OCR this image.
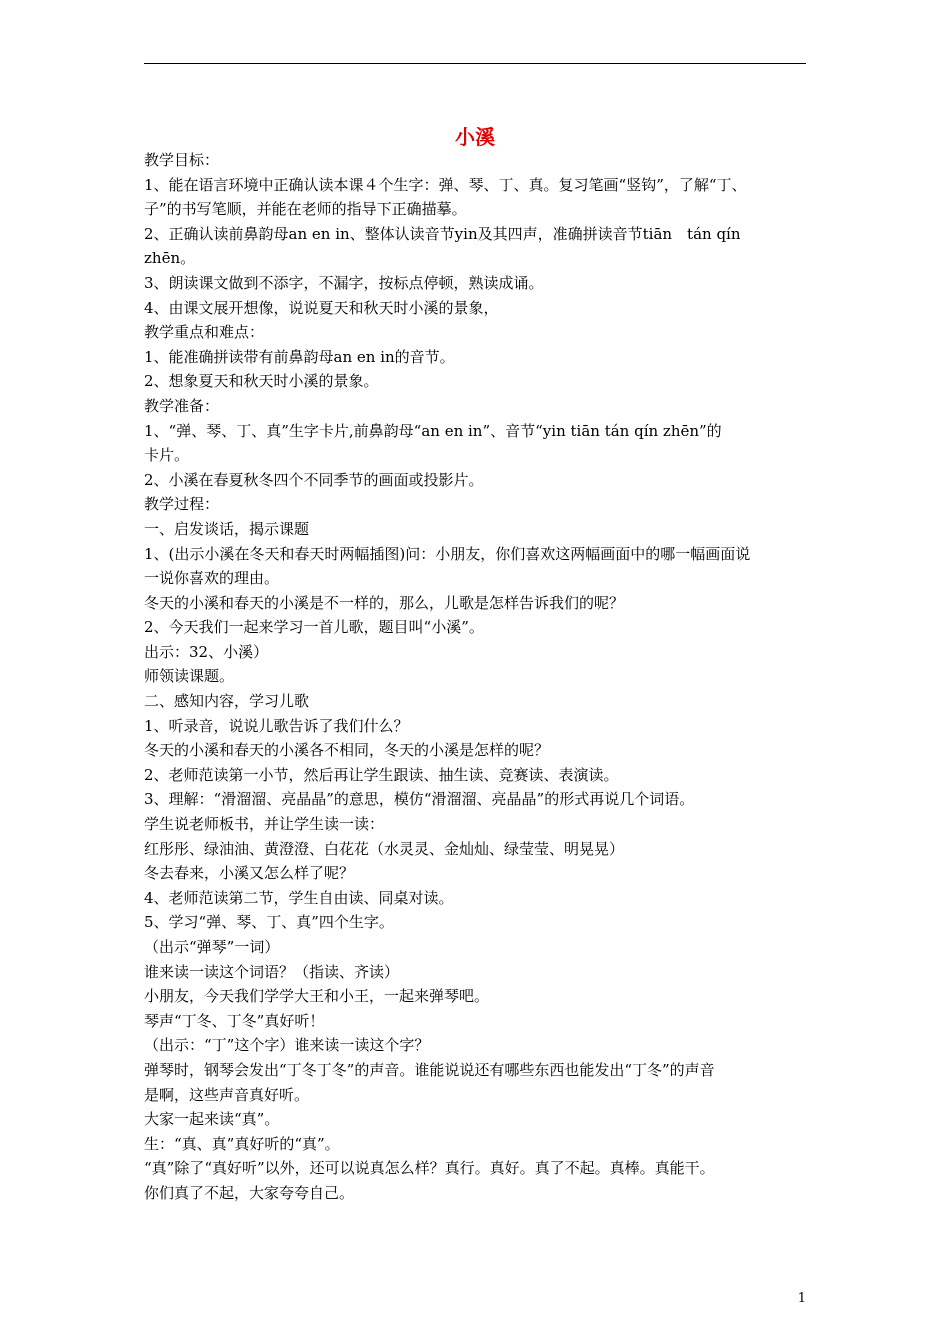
小溪
教学目标：
1、能在语言环境中正确认读本课４个生字：弹、琴、丁、真。复习笔画“竖钩”，了解“丁、
子”的书写笔顺，并能在老师的指导下正确描摹。
2、正确认读前鼻韵母an en in、整体认读音节yin及其四声，准确拼读音节tiān　tán qín
zhēn。
3、朗读课文做到不添字，不漏字，按标点停顿，熟读成诵。
4、由课文展开想像，说说夏天和秋天时小溪的景象，
教学重点和难点：
1、能准确拼读带有前鼻韵母an en in的音节。
2、想象夏天和秋天时小溪的景象。
教学准备：
1、“弹、琴、丁、真”生字卡片,前鼻韵母“an en in”、音节“yin tiān tán qín zhēn”的
卡片。
2、小溪在春夏秋冬四个不同季节的画面或投影片。
教学过程：
一、启发谈话，揭示课题
1、(出示小溪在冬天和春天时两幅插图)问：小朋友，你们喜欢这两幅画面中的哪一幅画面说
一说你喜欢的理由。
冬天的小溪和春天的小溪是不一样的，那么，儿歌是怎样告诉我们的呢？
2、今天我们一起来学习一首儿歌，题目叫“小溪”。
出示：32、小溪）
师领读课题。
二、感知内容，学习儿歌
1、听录音，说说儿歌告诉了我们什么？
冬天的小溪和春天的小溪各不相同，冬天的小溪是怎样的呢？
2、老师范读第一小节，然后再让学生跟读、抽生读、竞赛读、表演读。
3、理解：“滑溜溜、亮晶晶”的意思，模仿“滑溜溜、亮晶晶”的形式再说几个词语。
学生说老师板书，并让学生读一读：
红彤彤、绿油油、黄澄澄、白花花（水灵灵、金灿灿、绿莹莹、明晃晃）
冬去春来，小溪又怎么样了呢？
4、老师范读第二节，学生自由读、同桌对读。
5、学习“弹、琴、丁、真”四个生字。
（出示“弹琴”一词）
谁来读一读这个词语？（指读、齐读）
小朋友，今天我们学学大王和小王，一起来弹琴吧。
琴声“丁冬、丁冬”真好听！
（出示：“丁”这个字）谁来读一读这个字？
弹琴时，钢琴会发出“丁冬丁冬”的声音。谁能说说还有哪些东西也能发出“丁冬”的声音
是啊，这些声音真好听。
大家一起来读“真”。
生：“真、真”真好听的“真”。
“真”除了“真好听”以外，还可以说真怎么样？真行。真好。真了不起。真棒。真能干。
你们真了不起，大家夸夸自己。
1
